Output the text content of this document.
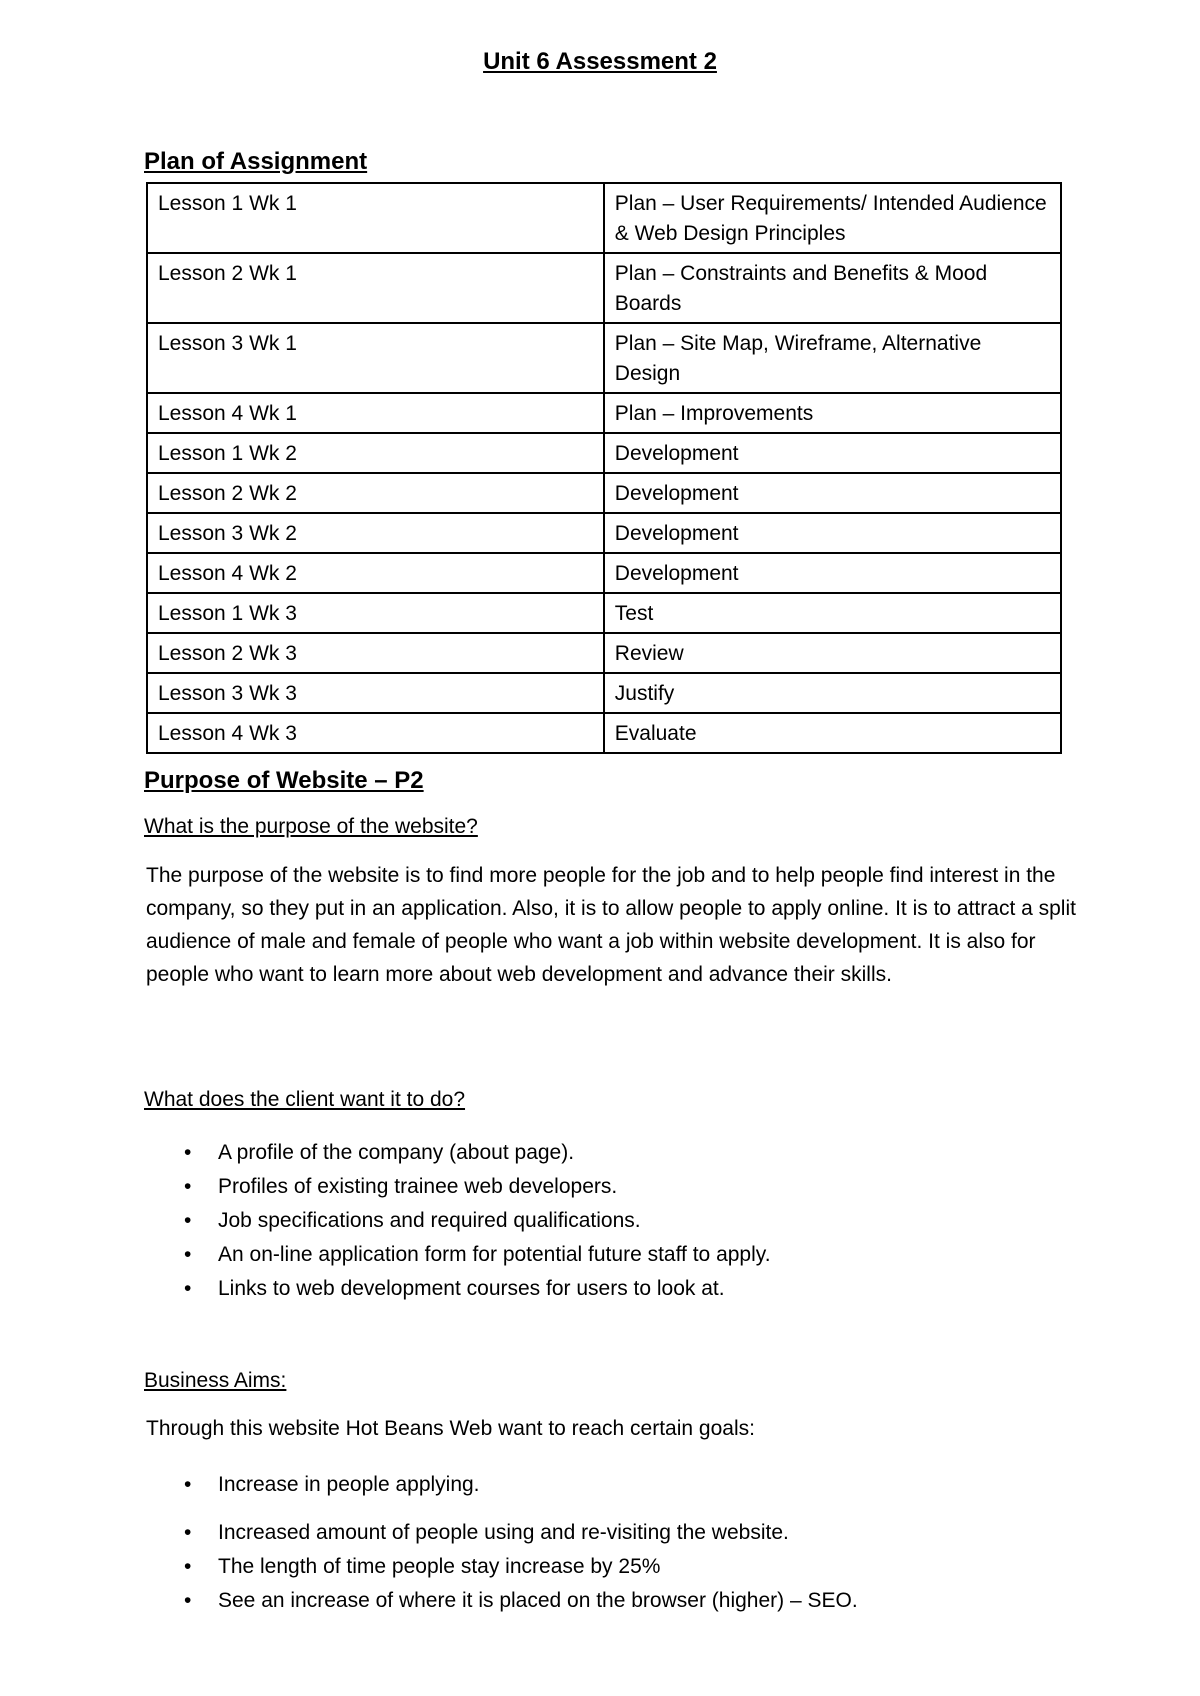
Unit 6 Assessment 2
Plan of Assignment
Lesson 1 Wk 1	Plan – User Requirements/ Intended Audience & Web Design Principles
Lesson 2 Wk 1	Plan – Constraints and Benefits & Mood Boards
Lesson 3 Wk 1	Plan – Site Map, Wireframe, Alternative Design
Lesson 4 Wk 1	Plan – Improvements
Lesson 1 Wk 2	Development
Lesson 2 Wk 2	Development
Lesson 3 Wk 2	Development
Lesson 4 Wk 2	Development
Lesson 1 Wk 3	Test
Lesson 2 Wk 3	Review
Lesson 3 Wk 3	Justify
Lesson 4 Wk 3	Evaluate
Purpose of Website – P2
What is the purpose of the website?
The purpose of the website is to find more people for the job and to help people find interest in the company, so they put in an application. Also, it is to allow people to apply online. It is to attract a split audience of male and female of people who want a job within website development. It is also for people who want to learn more about web development and advance their skills.
What does the client want it to do?
• A profile of the company (about page).
• Profiles of existing trainee web developers.
• Job specifications and required qualifications.
• An on-line application form for potential future staff to apply.
• Links to web development courses for users to look at.
Business Aims:
Through this website Hot Beans Web want to reach certain goals:
• Increase in people applying.
• Increased amount of people using and re-visiting the website.
• The length of time people stay increase by 25%
• See an increase of where it is placed on the browser (higher) – SEO.
